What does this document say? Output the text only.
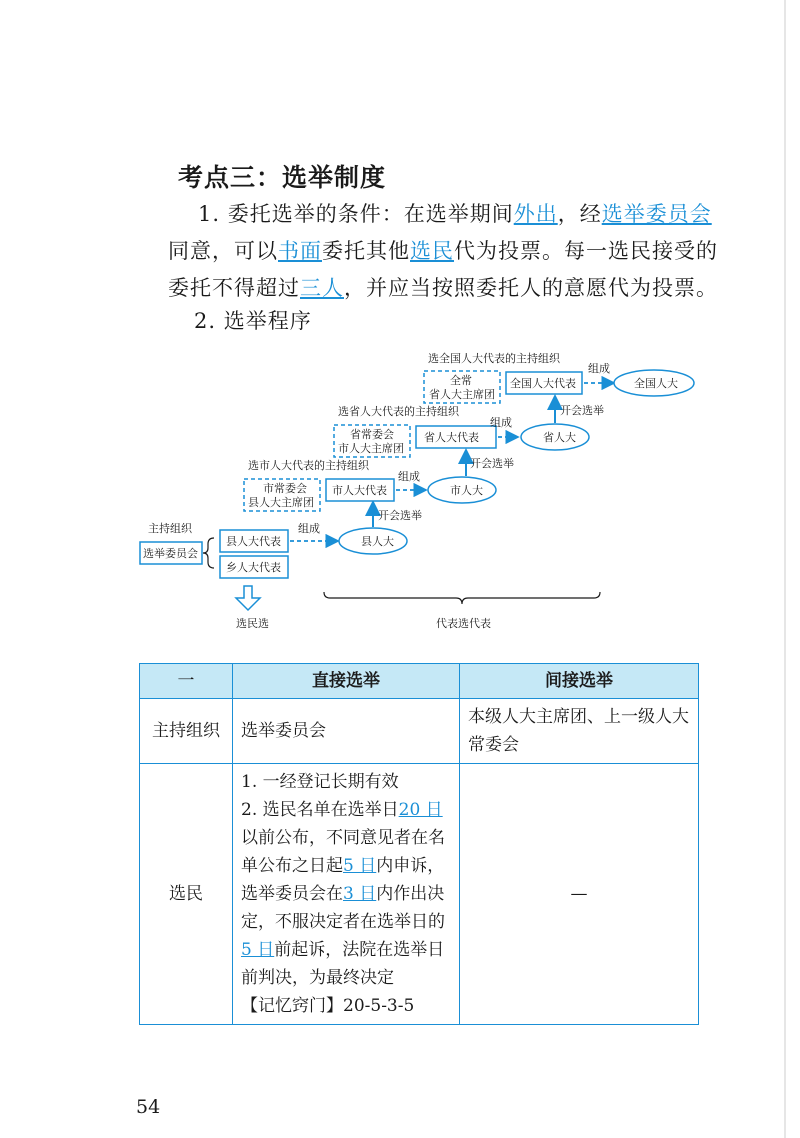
考点三：选举制度
1. 委托选举的条件：在选举期间外出，经选举委员会同意，可以书面委托其他选民代为投票。每一选民接受的委托不得超过三人，并应当按照委托人的意愿代为投票。
2. 选举程序
主持组织
选举委员会
县人大代表
乡人大代表
组成
县人大
开会选举
选市人大代表的主持组织
市常委会
县人大主席团
市人大代表
组成
市人大
开会选举
选省人大代表的主持组织
省常委会
市人大主席团
省人大代表
组成
省人大
开会选举
选全国人大代表的主持组织
全常
省人大主席团
全国人大代表
组成
全国人大
选民选	代表选代表
一	直接选举	间接选举
主持组织	选举委员会	本级人大主席团、上一级人大常委会
选民	1. 一经登记长期有效
2. 选民名单在选举日20 日以前公布，不同意见者在名单公布之日起5 日内申诉，选举委员会在3 日内作出决定，不服决定者在选举日的5 日前起诉，法院在选举日前判决，为最终决定
【记忆窍门】20-5-3-5	—
54
